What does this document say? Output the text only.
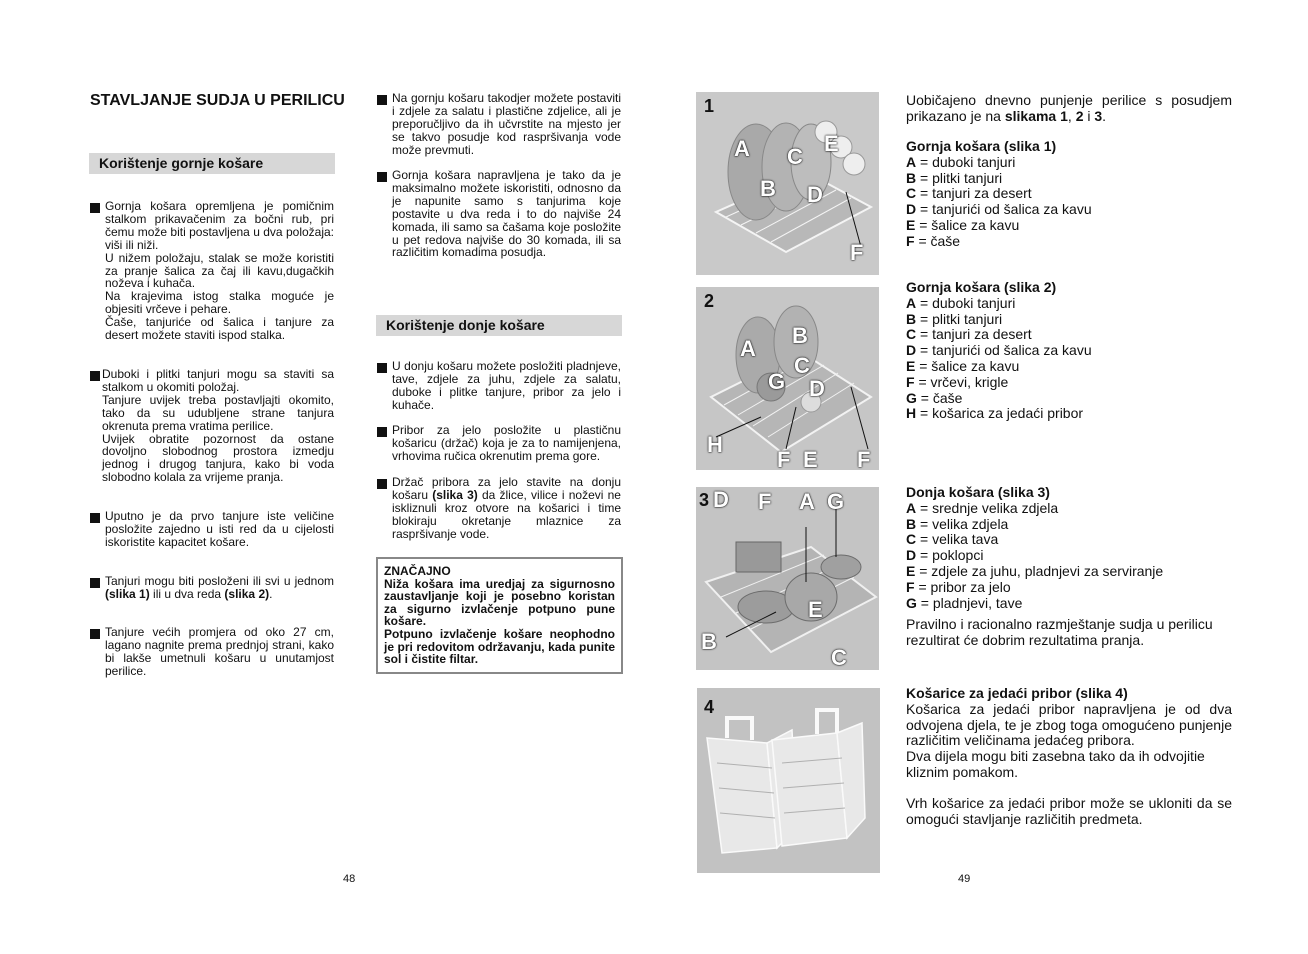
STAVLJANJE SUDJA U PERILICU
Korištenje gornje košare
Gornja košara opremljena je pomičnim stalkom prikavačenim za bočni rub, pri čemu može biti postavljena u dva položaja: viši ili niži.
U nižem položaju, stalak se može koristiti za pranje šalica za čaj ili kavu,dugačkih noževa i kuhača.
Na krajevima istog stalka moguće je objesiti vrčeve i pehare.
Čaše, tanjuriće od šalica i tanjure za desert možete staviti ispod stalka.
Duboki i plitki tanjuri mogu sa staviti sa stalkom u okomiti položaj.
Tanjure uvijek treba postavljajti okomito, tako da su udubljene strane tanjura okrenuta prema vratima perilice.
Uvijek obratite pozornost da ostane dovoljno slobodnog prostora izmedju jednog i drugog tanjura, kako bi voda slobodno kolala za vrijeme pranja.
Uputno je da prvo tanjure iste veličine posložite zajedno u isti red da u cijelosti iskoristite kapacitet košare.
Tanjuri mogu biti posloženi ili svi u jednom (slika 1) ili u dva reda (slika 2).
Tanjure većih promjera od oko 27 cm, lagano nagnite prema prednjoj strani, kako bi lakše umetnuli košaru u unutamjost perilice.
48
Na gornju košaru takodjer možete postaviti i zdjele za salatu i plastične zdjelice, ali je preporučljivo da ih učvrstite na mjesto jer se takvo posudje kod raspršivanja vode može prevmuti.
Gornja košara napravljena je tako da je maksimalno možete iskoristiti, odnosno da je napunite samo s tanjurima koje postavite u dva reda i to do najviše 24 komada, ili samo sa čašama koje posložite u pet redova najviše do 30 komada, ili sa različitim komadima posudja.
Korištenje donje košare
U donju košaru možete posložiti pladnjeve, tave, zdjele za juhu, zdjele za salatu, duboke i plitke tanjure, pribor za jelo i kuhače.
Pribor za jelo posložite u plastičnu košaricu (držač) koja je za to namijenjena, vrhovima ručica okrenutim prema gore.
Držač pribora za jelo stavite na donju košaru (slika 3) da žlice, vilice i noževi ne iskliznuli kroz otvore na košarici i time blokiraju okretanje mlaznice za raspršivanje vode.
ZNAČAJNO
Niža košara ima uredjaj za sigurnosno zaustavljanje koji je posebno koristan za sigurno izvlačenje potpuno pune košare.
Potpuno izvlačenje košare neophodno je pri redovitom održavanju, kada punite sol i čistite filtar.
1
A C
E
B D
F
2
B
A
C
G D
H
F E F
3 D F A G
E
B
C
4
Uobičajeno dnevno punjenje perilice s posudjem prikazano je na slikama 1, 2 i 3.
Gornja košara (slika 1)
A = duboki tanjuri
B = plitki tanjuri
C = tanjuri za desert
D = tanjurići od šalica za kavu
E = šalice za kavu
F = čaše
Gornja košara (slika 2)
A = duboki tanjuri
B = plitki tanjuri
C = tanjuri za desert
D = tanjurići od šalica za kavu
E = šalice za kavu
F = vrčevi, krigle
G = čaše
H = košarica za jedaći pribor
Donja košara (slika 3)
A = srednje velika zdjela
B = velika zdjela
C = velika tava
D = poklopci
E = zdjele za juhu, pladnjevi za serviranje
F = pribor za jelo
G = pladnjevi, tave
Pravilno i racionalno razmještanje sudja u perilicu rezultirat će dobrim rezultatima pranja.
Košarice za jedaći pribor (slika 4)
Košarica za jedaći pribor napravljena je od dva odvojena djela, te je zbog toga omogućeno punjenje različitim veličinama jedaćeg pribora.
Dva dijela mogu biti zasebna tako da ih odvojitie kliznim pomakom.
Vrh košarice za jedaći pribor može se ukloniti da se omogući stavljanje različitih predmeta.
49
